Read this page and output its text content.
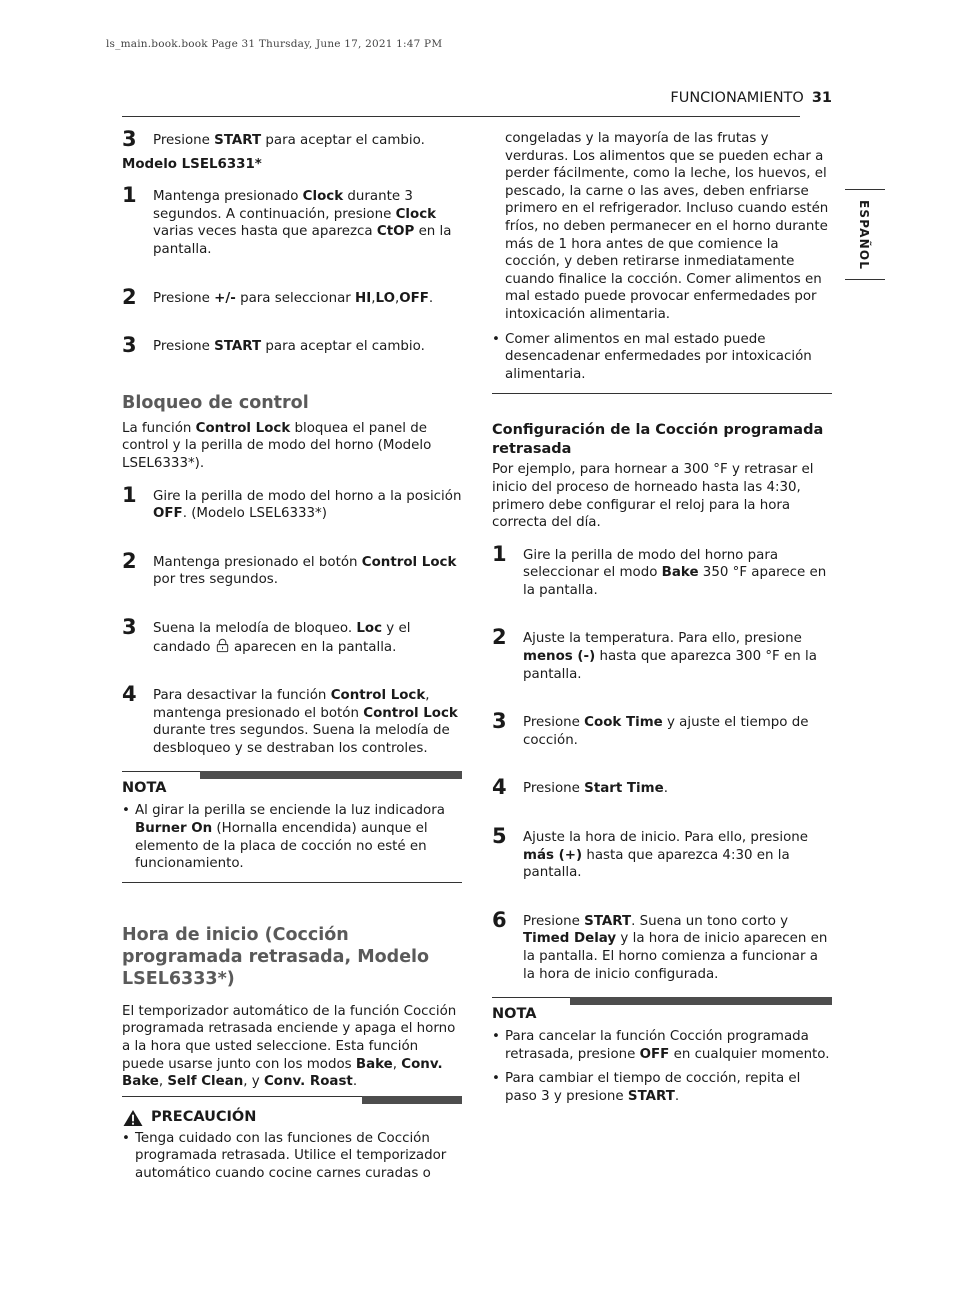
ls_main.book.book Page 31 Thursday, June 17, 2021 1:47 PM
FUNCIONAMIENTO 31
ESPAÑOL
3 Presione START para aceptar el cambio.
Modelo LSEL6331*
1 Mantenga presionado Clock durante 3 segundos. A continuación, presione Clock varias veces hasta que aparezca CtOP en la pantalla.
2 Presione +/- para seleccionar HI,LO,OFF.
3 Presione START para aceptar el cambio.
Bloqueo de control
La función Control Lock bloquea el panel de control y la perilla de modo del horno (Modelo LSEL6333*).
1 Gire la perilla de modo del horno a la posición OFF. (Modelo LSEL6333*)
2 Mantenga presionado el botón Control Lock por tres segundos.
3 Suena la melodía de bloqueo. Loc y el candado  aparecen en la pantalla.
4 Para desactivar la función Control Lock, mantenga presionado el botón Control Lock durante tres segundos. Suena la melodía de desbloqueo y se destraban los controles.
NOTA
• Al girar la perilla se enciende la luz indicadora Burner On (Hornalla encendida) aunque el elemento de la placa de cocción no esté en funcionamiento.
Hora de inicio (Cocción programada retrasada, Modelo LSEL6333*)
El temporizador automático de la función Cocción programada retrasada enciende y apaga el horno a la hora que usted seleccione. Esta función puede usarse junto con los modos Bake, Conv. Bake, Self Clean, y Conv. Roast.
PRECAUCIÓN
• Tenga cuidado con las funciones de Cocción programada retrasada. Utilice el temporizador automático cuando cocine carnes curadas o
congeladas y la mayoría de las frutas y verduras. Los alimentos que se pueden echar a perder fácilmente, como la leche, los huevos, el pescado, la carne o las aves, deben enfriarse primero en el refrigerador. Incluso cuando estén fríos, no deben permanecer en el horno durante más de 1 hora antes de que comience la cocción, y deben retirarse inmediatamente cuando finalice la cocción. Comer alimentos en mal estado puede provocar enfermedades por intoxicación alimentaria.
• Comer alimentos en mal estado puede desencadenar enfermedades por intoxicación alimentaria.
Configuración de la Cocción programada retrasada
Por ejemplo, para hornear a 300 °F y retrasar el inicio del proceso de horneado hasta las 4:30, primero debe configurar el reloj para la hora correcta del día.
1 Gire la perilla de modo del horno para seleccionar el modo Bake 350 °F aparece en la pantalla.
2 Ajuste la temperatura. Para ello, presione menos (-) hasta que aparezca 300 °F en la pantalla.
3 Presione Cook Time y ajuste el tiempo de cocción.
4 Presione Start Time.
5 Ajuste la hora de inicio. Para ello, presione más (+) hasta que aparezca 4:30 en la pantalla.
6 Presione START. Suena un tono corto y Timed Delay y la hora de inicio aparecen en la pantalla. El horno comienza a funcionar a la hora de inicio configurada.
NOTA
• Para cancelar la función Cocción programada retrasada, presione OFF en cualquier momento.
• Para cambiar el tiempo de cocción, repita el paso 3 y presione START.
